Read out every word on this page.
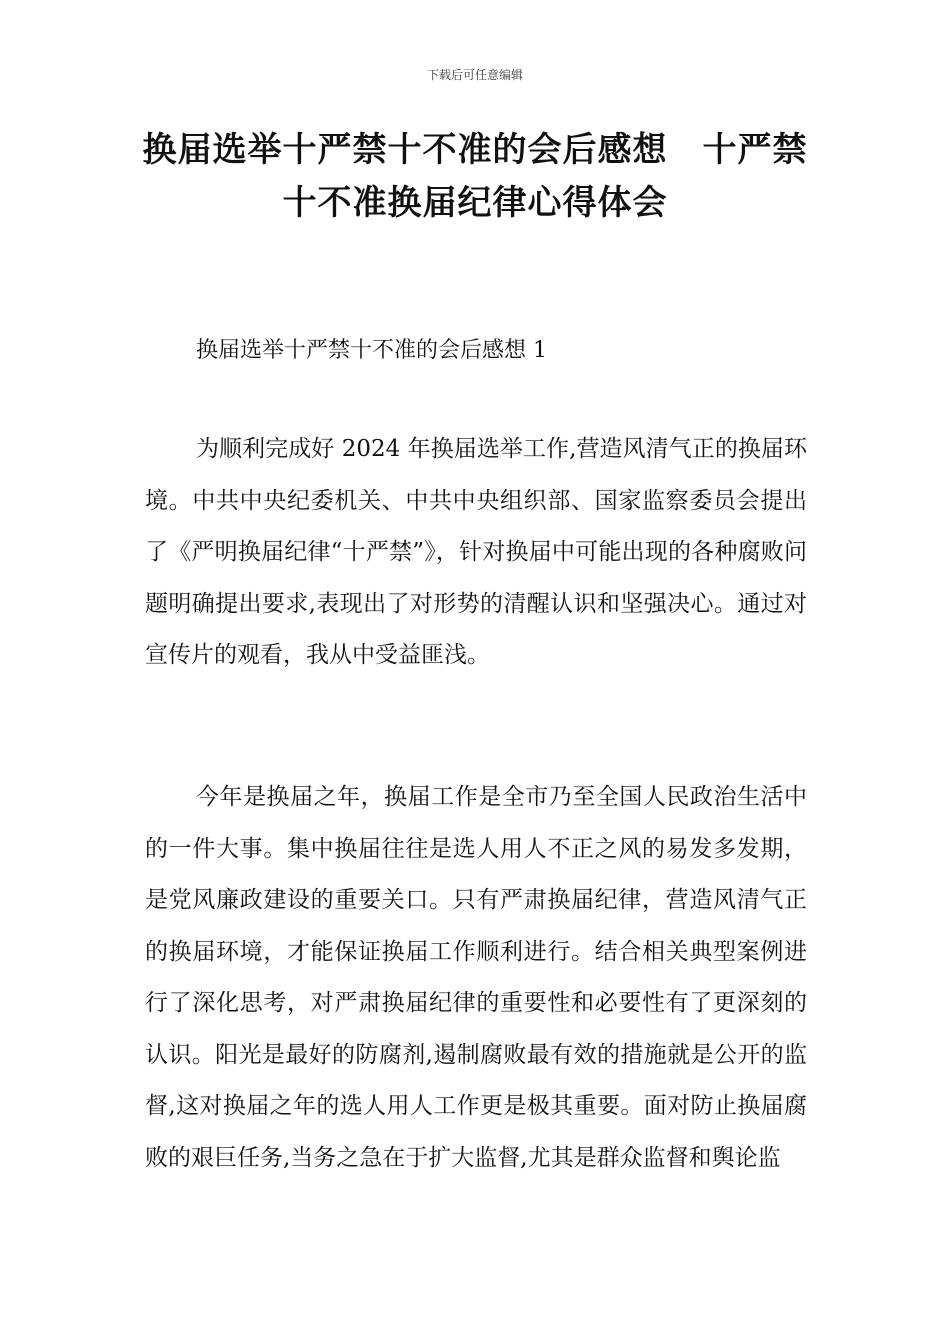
下载后可任意编辑
换届选举十严禁十不准的会后感想　十严禁十不准换届纪律心得体会

换届选举十严禁十不准的会后感想 1

为顺利完成好 2024 年换届选举工作,营造风清气正的换届环境。中共中央纪委机关、中共中央组织部、国家监察委员会提出了《严明换届纪律“十严禁”》，针对换届中可能出现的各种腐败问题明确提出要求,表现出了对形势的清醒认识和坚强决心。通过对宣传片的观看，我从中受益匪浅。

今年是换届之年，换届工作是全市乃至全国人民政治生活中的一件大事。集中换届往往是选人用人不正之风的易发多发期，是党风廉政建设的重要关口。只有严肃换届纪律，营造风清气正的换届环境，才能保证换届工作顺利进行。结合相关典型案例进行了深化思考，对严肃换届纪律的重要性和必要性有了更深刻的认识。阳光是最好的防腐剂,遏制腐败最有效的措施就是公开的监督,这对换届之年的选人用人工作更是极其重要。面对防止换届腐败的艰巨任务,当务之急在于扩大监督,尤其是群众监督和舆论监
